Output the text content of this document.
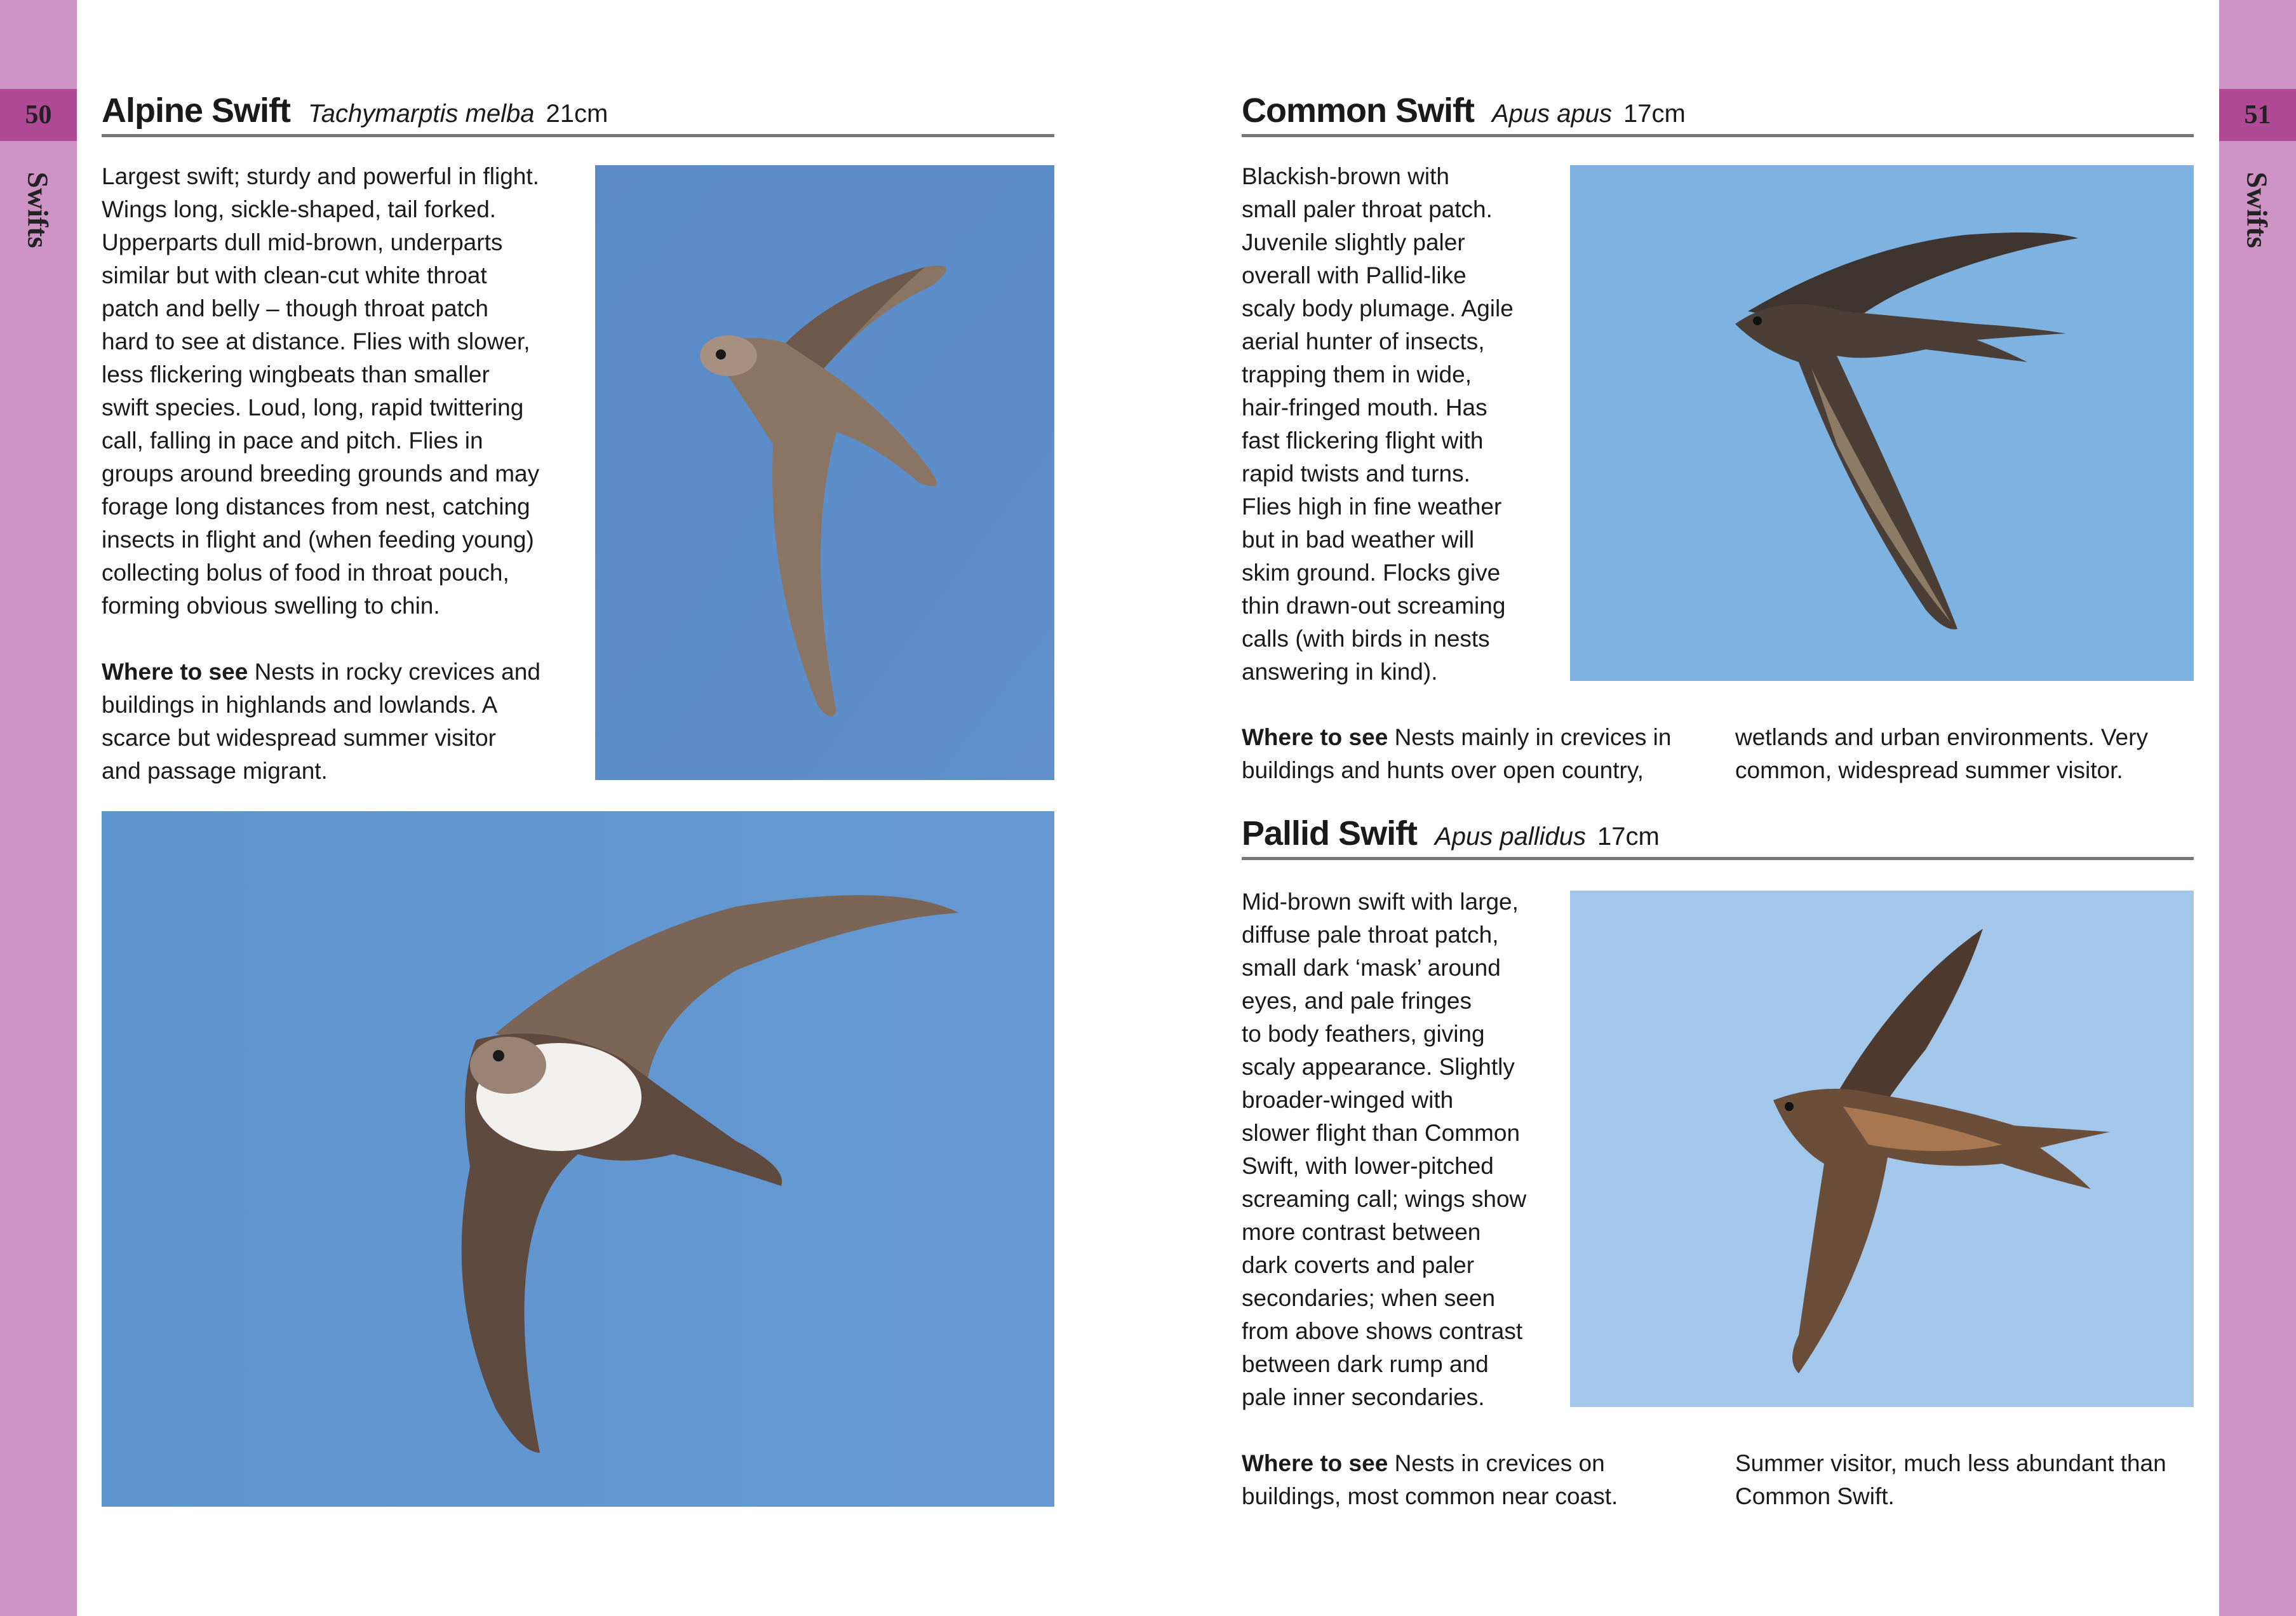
50
Swifts
51
Swifts
Alpine Swift Tachymarptis melba 21cm

Largest swift; sturdy and powerful in flight.

Wings long, sickle-shaped, tail forked.

Upperparts dull mid-brown, underparts

similar but with clean-cut white throat

patch and belly – though throat patch

hard to see at distance. Flies with slower,

less flickering wingbeats than smaller

swift species. Loud, long, rapid twittering

call, falling in pace and pitch. Flies in

groups around breeding grounds and may

forage long distances from nest, catching

insects in flight and (when feeding young)

collecting bolus of food in throat pouch,

forming obvious swelling to chin.

Where to see Nests in rocky crevices and

buildings in highlands and lowlands. A

scarce but widespread summer visitor

and passage migrant.

Common Swift Apus apus 17cm

Blackish-brown with

small paler throat patch.

Juvenile slightly paler

overall with Pallid-like

scaly body plumage. Agile

aerial hunter of insects,

trapping them in wide,

hair-fringed mouth. Has

fast flickering flight with

rapid twists and turns.

Flies high in fine weather

but in bad weather will

skim ground. Flocks give

thin drawn-out screaming

calls (with birds in nests

answering in kind).

Where to see Nests mainly in crevices in

buildings and hunts over open country,

wetlands and urban environments. Very

common, widespread summer visitor.

Pallid Swift Apus pallidus 17cm

Mid-brown swift with large,

diffuse pale throat patch,

small dark ‘mask’ around

eyes, and pale fringes

to body feathers, giving

scaly appearance. Slightly

broader-winged with

slower flight than Common

Swift, with lower-pitched

screaming call; wings show

more contrast between

dark coverts and paler

secondaries; when seen

from above shows contrast

between dark rump and

pale inner secondaries.

Where to see Nests in crevices on

buildings, most common near coast.

Summer visitor, much less abundant than

Common Swift.
